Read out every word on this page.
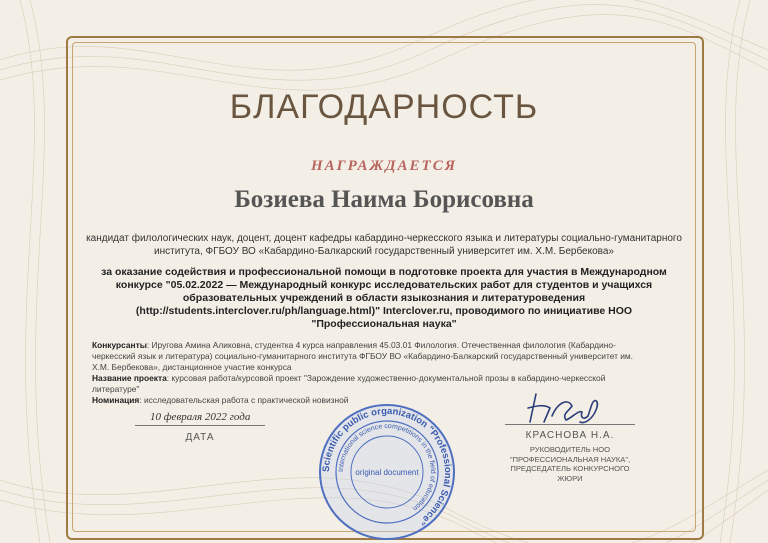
БЛАГОДАРНОСТЬ
НАГРАЖДАЕТСЯ
Бозиева Наима Борисовна
кандидат филологических наук, доцент, доцент кафедры кабардино-черкесского языка и литературы социально-гуманитарного института, ФГБОУ ВО «Кабардино-Балкарский государственный университет им. Х.М. Бербекова»
за оказание содействия и профессиональной помощи в подготовке проекта для участия в Международном конкурсе "05.02.2022 — Международный конкурс исследовательских работ для студентов и учащихся образовательных учреждений в области языкознания и литературоведения (http://students.interclover.ru/ph/language.html)" Interclover.ru, проводимого по инициативе НОО "Профессиональная наука"
Конкурсанты: Иругова Амина Аликовна, студентка 4 курса направления 45.03.01 Филология. Отечественная филология (Кабардино-черкесский язык и литература) социально-гуманитарного института ФГБОУ ВО «Кабардино-Балкарский государственный университет им. Х.М. Бербекова», дистанционное участие конкурса
Название проекта: курсовая работа/курсовой проект "Зарождение художественно-документальной прозы в кабардино-черкесской литературе"
Номинация: исследовательская работа с практической новизной
10 февраля 2022 года
ДАТА
Scientific public organization "Professional Science"
International science competitions in the field of education
original document
КРАСНОВА Н.А.
РУКОВОДИТЕЛЬ НОО "ПРОФЕССИОНАЛЬНАЯ НАУКА", ПРЕДСЕДАТЕЛЬ КОНКУРСНОГО ЖЮРИ
